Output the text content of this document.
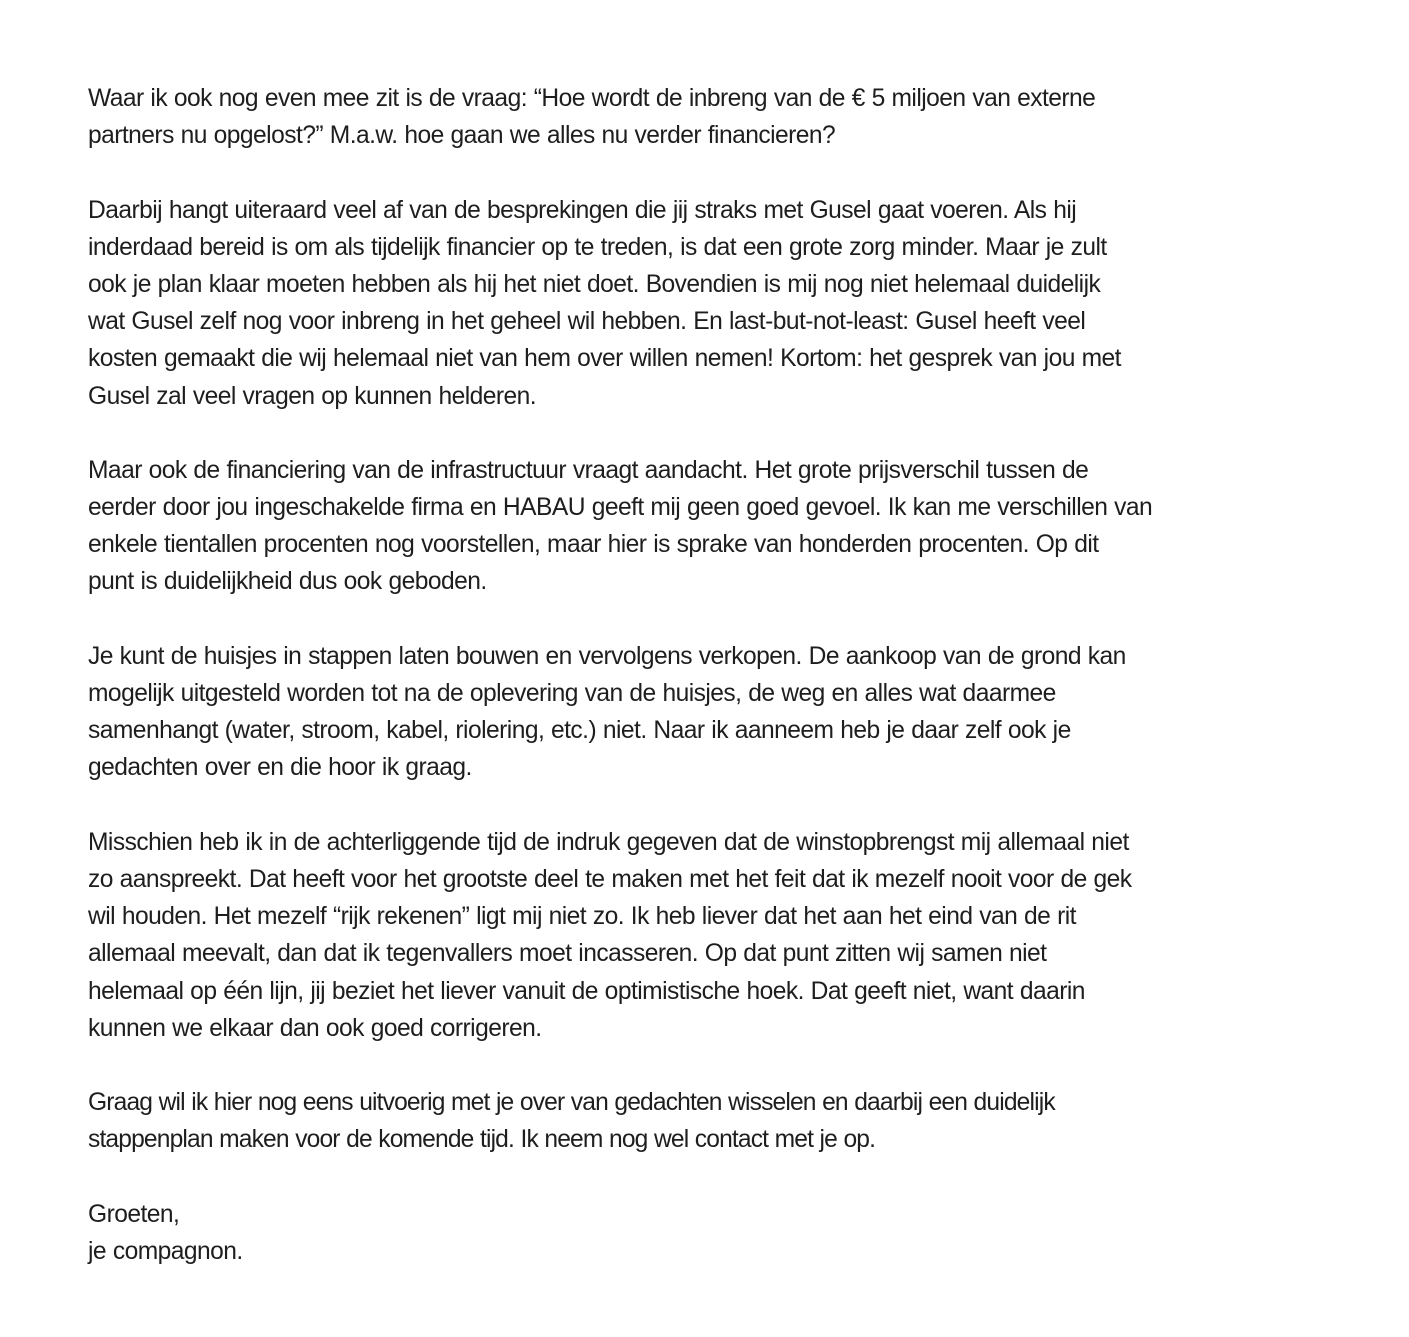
Waar ik ook nog even mee zit is de vraag: “Hoe wordt de inbreng van de € 5 miljoen van externe
partners nu opgelost?” M.a.w. hoe gaan we alles nu verder financieren?
Daarbij hangt uiteraard veel af van de besprekingen die jij straks met Gusel gaat voeren. Als hij
inderdaad bereid is om als tijdelijk financier op te treden, is dat een grote zorg minder. Maar je zult
ook je plan klaar moeten hebben als hij het niet doet. Bovendien is mij nog niet helemaal duidelijk
wat Gusel zelf nog voor inbreng in het geheel wil hebben. En last-but-not-least: Gusel heeft veel
kosten gemaakt die wij helemaal niet van hem over willen nemen! Kortom: het gesprek van jou met
Gusel zal veel vragen op kunnen helderen.
Maar ook de financiering van de infrastructuur vraagt aandacht. Het grote prijsverschil tussen de
eerder door jou ingeschakelde firma en HABAU geeft mij geen goed gevoel. Ik kan me verschillen van
enkele tientallen procenten nog voorstellen, maar hier is sprake van honderden procenten. Op dit
punt is duidelijkheid dus ook geboden.
Je kunt de huisjes in stappen laten bouwen en vervolgens verkopen. De aankoop van de grond kan
mogelijk uitgesteld worden tot na de oplevering van de huisjes, de weg en alles wat daarmee
samenhangt (water, stroom, kabel, riolering, etc.) niet. Naar ik aanneem heb je daar zelf ook je
gedachten over en die hoor ik graag.
Misschien heb ik in de achterliggende tijd de indruk gegeven dat de winstopbrengst mij allemaal niet
zo aanspreekt. Dat heeft voor het grootste deel te maken met het feit dat ik mezelf nooit voor de gek
wil houden. Het mezelf “rijk rekenen” ligt mij niet zo. Ik heb liever dat het aan het eind van de rit
allemaal meevalt, dan dat ik tegenvallers moet incasseren. Op dat punt zitten wij samen niet
helemaal op één lijn, jij beziet het liever vanuit de optimistische hoek. Dat geeft niet, want daarin
kunnen we elkaar dan ook goed corrigeren.
Graag wil ik hier nog eens uitvoerig met je over van gedachten wisselen en daarbij een duidelijk
stappenplan maken voor de komende tijd. Ik neem nog wel contact met je op.
Groeten,
je compagnon.
